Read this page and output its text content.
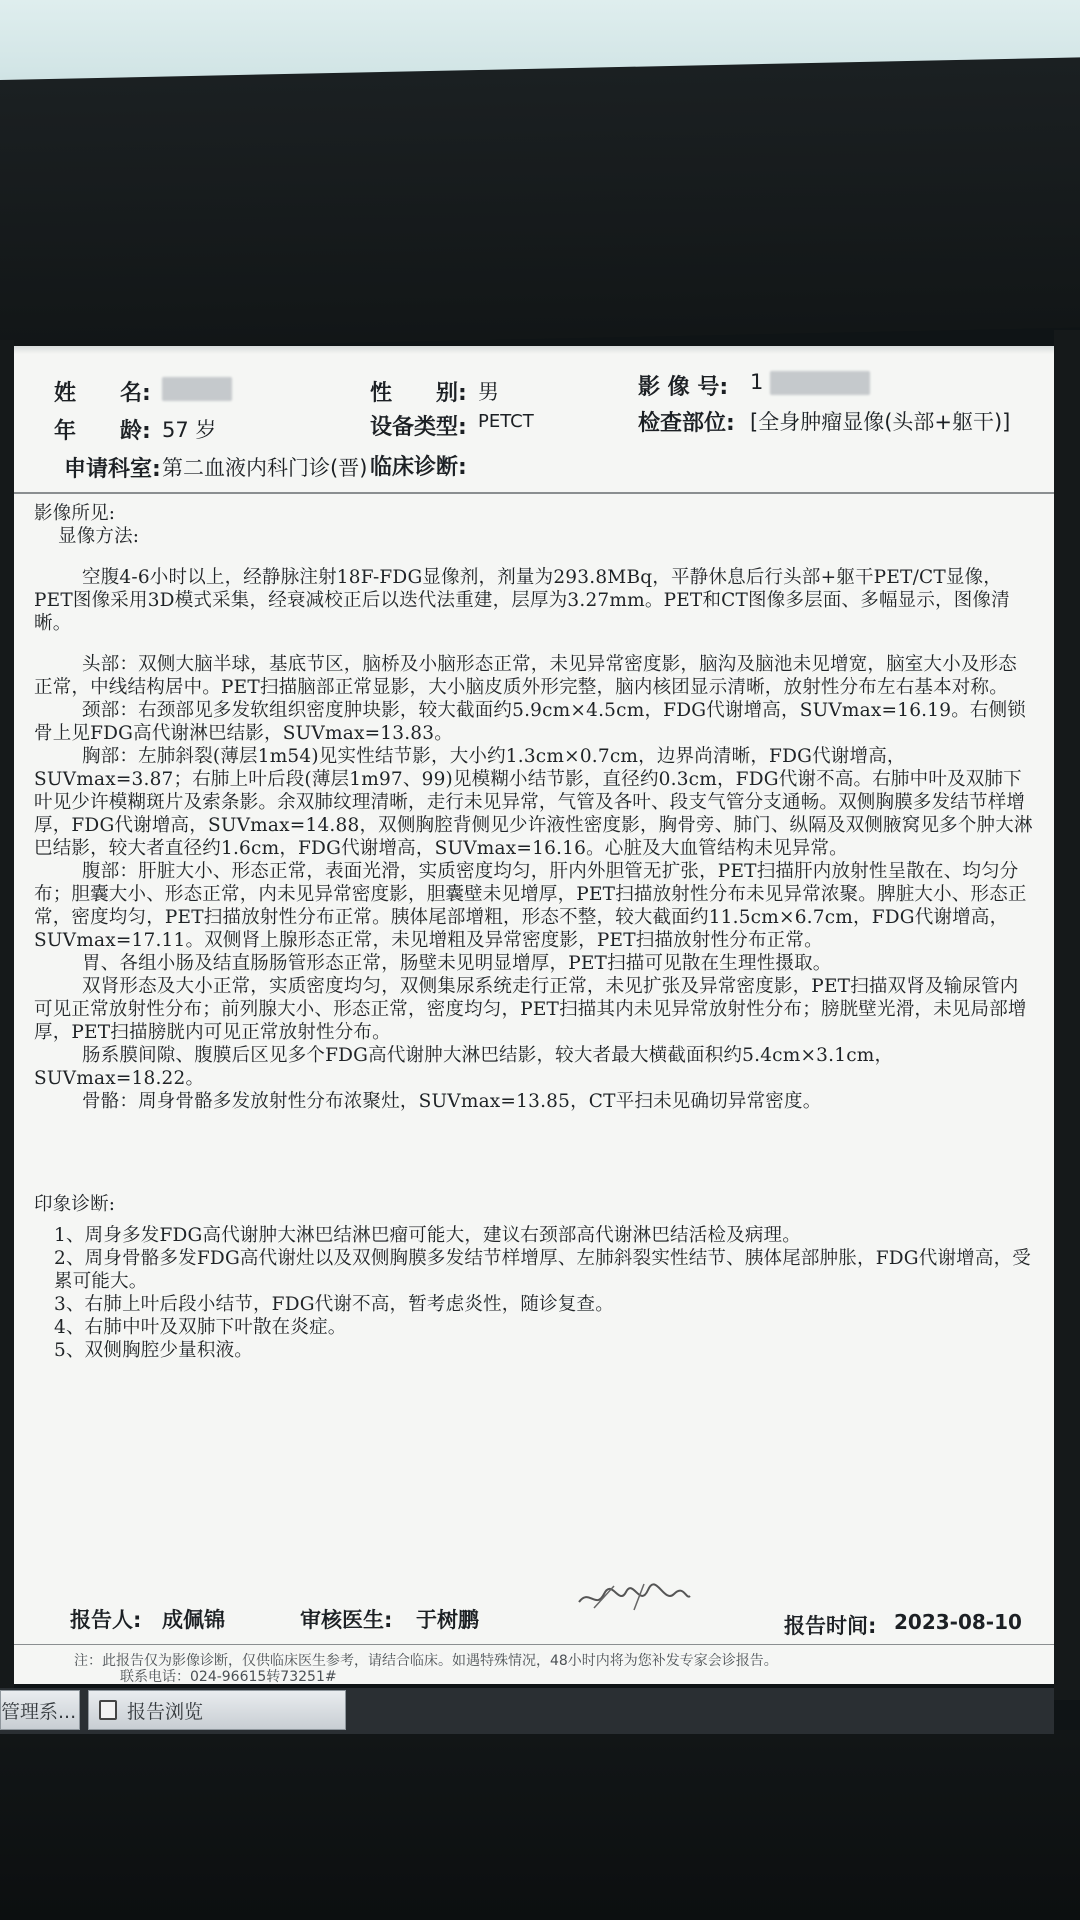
姓　　名:	性　　别: 男	影 像 号: 1
年　　龄: 57 岁	设备类型: PETCT	检查部位: [全身肿瘤显像(头部+躯干)]
申请科室: 第二血液内科门诊(晋) 临床诊断:

影像所见:

显像方法:

空腹4-6小时以上，经静脉注射18F-FDG显像剂，剂量为293.8MBq，平静休息后行头部+躯干PET/CT显像，PET图像采用3D模式采集，经衰减校正后以迭代法重建，层厚为3.27mm。PET和CT图像多层面、多幅显示，图像清晰。

头部：双侧大脑半球，基底节区，脑桥及小脑形态正常，未见异常密度影，脑沟及脑池未见增宽，脑室大小及形态正常，中线结构居中。PET扫描脑部正常显影，大小脑皮质外形完整，脑内核团显示清晰，放射性分布左右基本对称。

颈部：右颈部见多发软组织密度肿块影，较大截面约5.9cm×4.5cm，FDG代谢增高，SUVmax=16.19。右侧锁骨上见FDG高代谢淋巴结影，SUVmax=13.83。

胸部：左肺斜裂(薄层1m54)见实性结节影，大小约1.3cm×0.7cm，边界尚清晰，FDG代谢增高，SUVmax=3.87；右肺上叶后段(薄层1m97、99)见模糊小结节影，直径约0.3cm，FDG代谢不高。右肺中叶及双肺下叶见少许模糊斑片及索条影。余双肺纹理清晰，走行未见异常，气管及各叶、段支气管分支通畅。双侧胸膜多发结节样增厚，FDG代谢增高，SUVmax=14.88，双侧胸腔背侧见少许液性密度影，胸骨旁、肺门、纵隔及双侧腋窝见多个肿大淋巴结影，较大者直径约1.6cm，FDG代谢增高，SUVmax=16.16。心脏及大血管结构未见异常。

腹部：肝脏大小、形态正常，表面光滑，实质密度均匀，肝内外胆管无扩张，PET扫描肝内放射性呈散在、均匀分布；胆囊大小、形态正常，内未见异常密度影，胆囊壁未见增厚，PET扫描放射性分布未见异常浓聚。脾脏大小、形态正常，密度均匀，PET扫描放射性分布正常。胰体尾部增粗，形态不整，较大截面约11.5cm×6.7cm，FDG代谢增高，SUVmax=17.11。双侧肾上腺形态正常，未见增粗及异常密度影，PET扫描放射性分布正常。

胃、各组小肠及结直肠肠管形态正常，肠壁未见明显增厚，PET扫描可见散在生理性摄取。

双肾形态及大小正常，实质密度均匀，双侧集尿系统走行正常，未见扩张及异常密度影，PET扫描双肾及输尿管内可见正常放射性分布；前列腺大小、形态正常，密度均匀，PET扫描其内未见异常放射性分布；膀胱壁光滑，未见局部增厚，PET扫描膀胱内可见正常放射性分布。

肠系膜间隙、腹膜后区见多个FDG高代谢肿大淋巴结影，较大者最大横截面积约5.4cm×3.1cm，SUVmax=18.22。

骨骼：周身骨骼多发放射性分布浓聚灶，SUVmax=13.85，CT平扫未见确切异常密度。

印象诊断:

1、周身多发FDG高代谢肿大淋巴结淋巴瘤可能大，建议右颈部高代谢淋巴结活检及病理。

2、周身骨骼多发FDG高代谢灶以及双侧胸膜多发结节样增厚、左肺斜裂实性结节、胰体尾部肿胀，FDG代谢增高，受累可能大。

3、右肺上叶后段小结节，FDG代谢不高，暂考虑炎性，随诊复查。

4、右肺中叶及双肺下叶散在炎症。

5、双侧胸腔少量积液。

报告人: 成佩锦	审核医生: 于树鹏	报告时间: 2023-08-10
注：此报告仅为影像诊断，仅供临床医生参考，请结合临床。如遇特殊情况，48小时内将为您补发专家会诊报告。
联系电话：024-96615转73251#
管理系...	报告浏览
